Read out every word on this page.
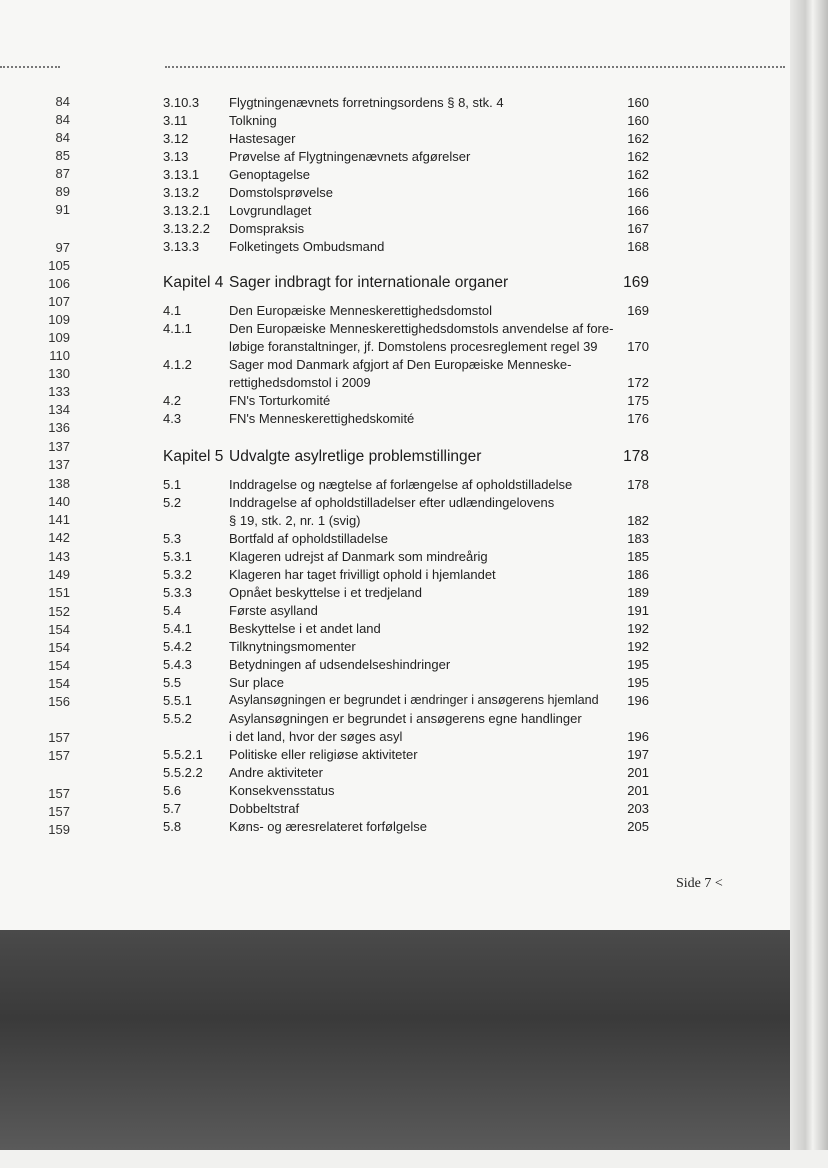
84
84
84
85
87
89
91
97
105
106
107
109
109
110
130
133
134
136
137
137
138
140
141
142
143
149
151
152
154
154
154
154
156
157
157
157
157
159
3.10.3 Flygtningenævnets forretningsordens § 8, stk. 4	160
3.11	Tolkning	160
3.12	Hastesager	162
3.13	Prøvelse af Flygtningenævnets afgørelser	162
3.13.1 Genoptagelse	162
3.13.2 Domstolsprøvelse	166
3.13.2.1 Lovgrundlaget	166
3.13.2.2 Domspraksis	167
3.13.3 Folketingets Ombudsmand	168
Kapitel 4 Sager indbragt for internationale organer	169
4.1	Den Europæiske Menneskerettighedsdomstol	169
4.1.1	Den Europæiske Menneskerettighedsdomstols anvendelse af fore-
løbige foranstaltninger, jf. Domstolens procesreglement regel 39	170
4.1.2	Sager mod Danmark afgjort af Den Europæiske Menneske-
rettighedsdomstol i 2009	172
4.2	FN's Torturkomité	175
4.3	FN's Menneskerettighedskomité	176
Kapitel 5 Udvalgte asylretlige problemstillinger	178
5.1	Inddragelse og nægtelse af forlængelse af opholdstilladelse	178
5.2	Inddragelse af opholdstilladelser efter udlændingelovens
§ 19, stk. 2, nr. 1 (svig)	182
5.3	Bortfald af opholdstilladelse	183
5.3.1	Klageren udrejst af Danmark som mindreårig	185
5.3.2	Klageren har taget frivilligt ophold i hjemlandet	186
5.3.3	Opnået beskyttelse i et tredjeland	189
5.4	Første asylland	191
5.4.1	Beskyttelse i et andet land	192
5.4.2	Tilknytningsmomenter	192
5.4.3	Betydningen af udsendelseshindringer	195
5.5	Sur place	195
5.5.1	Asylansøgningen er begrundet i ændringer i ansøgerens hjemland	196
5.5.2	Asylansøgningen er begrundet i ansøgerens egne handlinger
i det land, hvor der søges asyl	196
5.5.2.1 Politiske eller religiøse aktiviteter	197
5.5.2.2 Andre aktiviteter	201
5.6	Konsekvensstatus	201
5.7	Dobbeltstraf	203
5.8	Køns- og æresrelateret forfølgelse	205
Side 7 <
